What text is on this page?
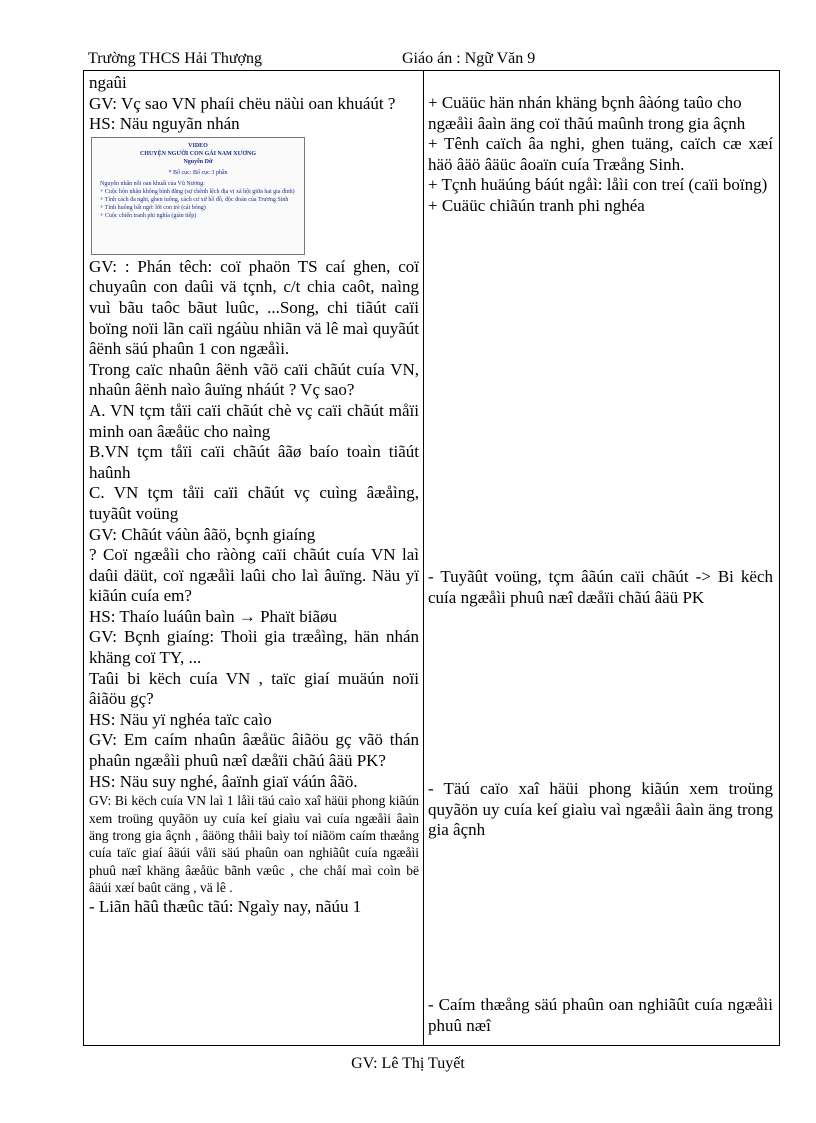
Trường THCS Hải Thượng	Giáo án : Ngữ Văn 9

ngaûi

GV: Vç sao VN phaíi chëu näùi oan khuáút ?

HS: Näu nguyãn nhán

VIDEO
CHUYỆN NGƯỜI CON GÁI NAM XƯƠNG
Nguyễn Dữ
* Bố cục: Bố cục 3 phần
Nguyên nhân nỗi oan khuất của Vũ Nương:
+ Cuộc hôn nhân không bình đẳng (sự chênh lệch địa vị xã hội giữa hai gia đình)
+ Tính cách đa nghi, ghen tuông, cách cư xử hồ đồ, độc đoán của Trương Sinh
+ Tình huống bất ngờ: lời con trẻ (cái bóng)
+ Cuộc chiến tranh phi nghĩa (gián tiếp)

GV: : Phán têch: coï phaön TS caí ghen, coï chuyaûn con daûi vä tçnh, c/t chia caôt, naìng vuì bãu taôc bãut luûc, ...Song, chi tiãút caïi boïng noïi lãn caïi ngáùu nhiãn vä lê maì quyãút âënh säú phaûn 1 con ngæåìi.

Trong caïc nhaûn âënh vãö caïi chãút cuía VN, nhaûn âënh naìo âuïng nháút ? Vç sao?

A. VN tçm tåïi caïi chãút chè vç caïi chãút måïi minh oan âæåüc cho naìng

B.VN tçm tåïi caïi chãút âãø baío toaìn tiãút haûnh

C. VN tçm tåïi caïi chãút vç cuìng âæåìng, tuyãût voüng

GV: Chãút váùn âãö, bçnh giaíng

? Coï ngæåìi cho ràòng caïi chãút cuía VN laì daûi däüt, coï ngæåìi laûi cho laì âuïng. Näu yï kiãún cuía em?

HS: Thaío luáûn baìn → Phaït biãøu

GV: Bçnh giaíng: Thoìi gia træåìng, hän nhán khäng coï TY, ...

Taûi bi këch cuía VN , taïc giaí muäún noïi âiãöu gç?

HS: Näu yï nghéa taïc caìo

GV: Em caím nhaûn âæåüc âiãöu gç vãö thán phaûn ngæåìi phuû næî dæåïi chãú âäü PK?

HS: Näu suy nghé, âaïnh giaï váún âãö.

GV: Bi këch cuía VN laì 1 låìi täú caìo xaî häüi phong kiãún xem troüng quyãön uy cuía keí giaìu vaì cuía ngæåìi âaìn äng trong gia âçnh , âäöng thåìi baìy toí niãöm caím thæång cuía taïc giaí âäúi våïi säú phaûn oan nghiãût cuía ngæåìi phuû næî khäng âæåüc bãnh væûc , che chåí maì coìn bë âäúi xæí baût cäng , vä lê .

- Liãn hãû thæûc tãú: Ngaìy nay, nãúu 1

+ Cuäüc hän nhán khäng bçnh âàóng taûo cho

ngæåìi âaìn äng coï thãú maûnh trong gia âçnh

+ Tênh caïch âa nghi, ghen tuäng, caïch cæ xæí häö âäö âäüc âoaïn cuía Træång Sinh.

+ Tçnh huäúng báút ngåì: låìi con treí (caïi boïng)

+ Cuäüc chiãún tranh phi nghéa

- Tuyãût voüng, tçm âãún caïi chãút -> Bi këch cuía ngæåìi phuû næî dæåïi chãú âäü PK

- Täú caïo xaî häüi phong kiãún xem troüng quyãön uy cuía keí giaìu vaì ngæåìi âaìn äng trong gia âçnh

- Caím thæång säú phaûn oan nghiãût cuía ngæåìi phuû næî

GV: Lê Thị Tuyết
